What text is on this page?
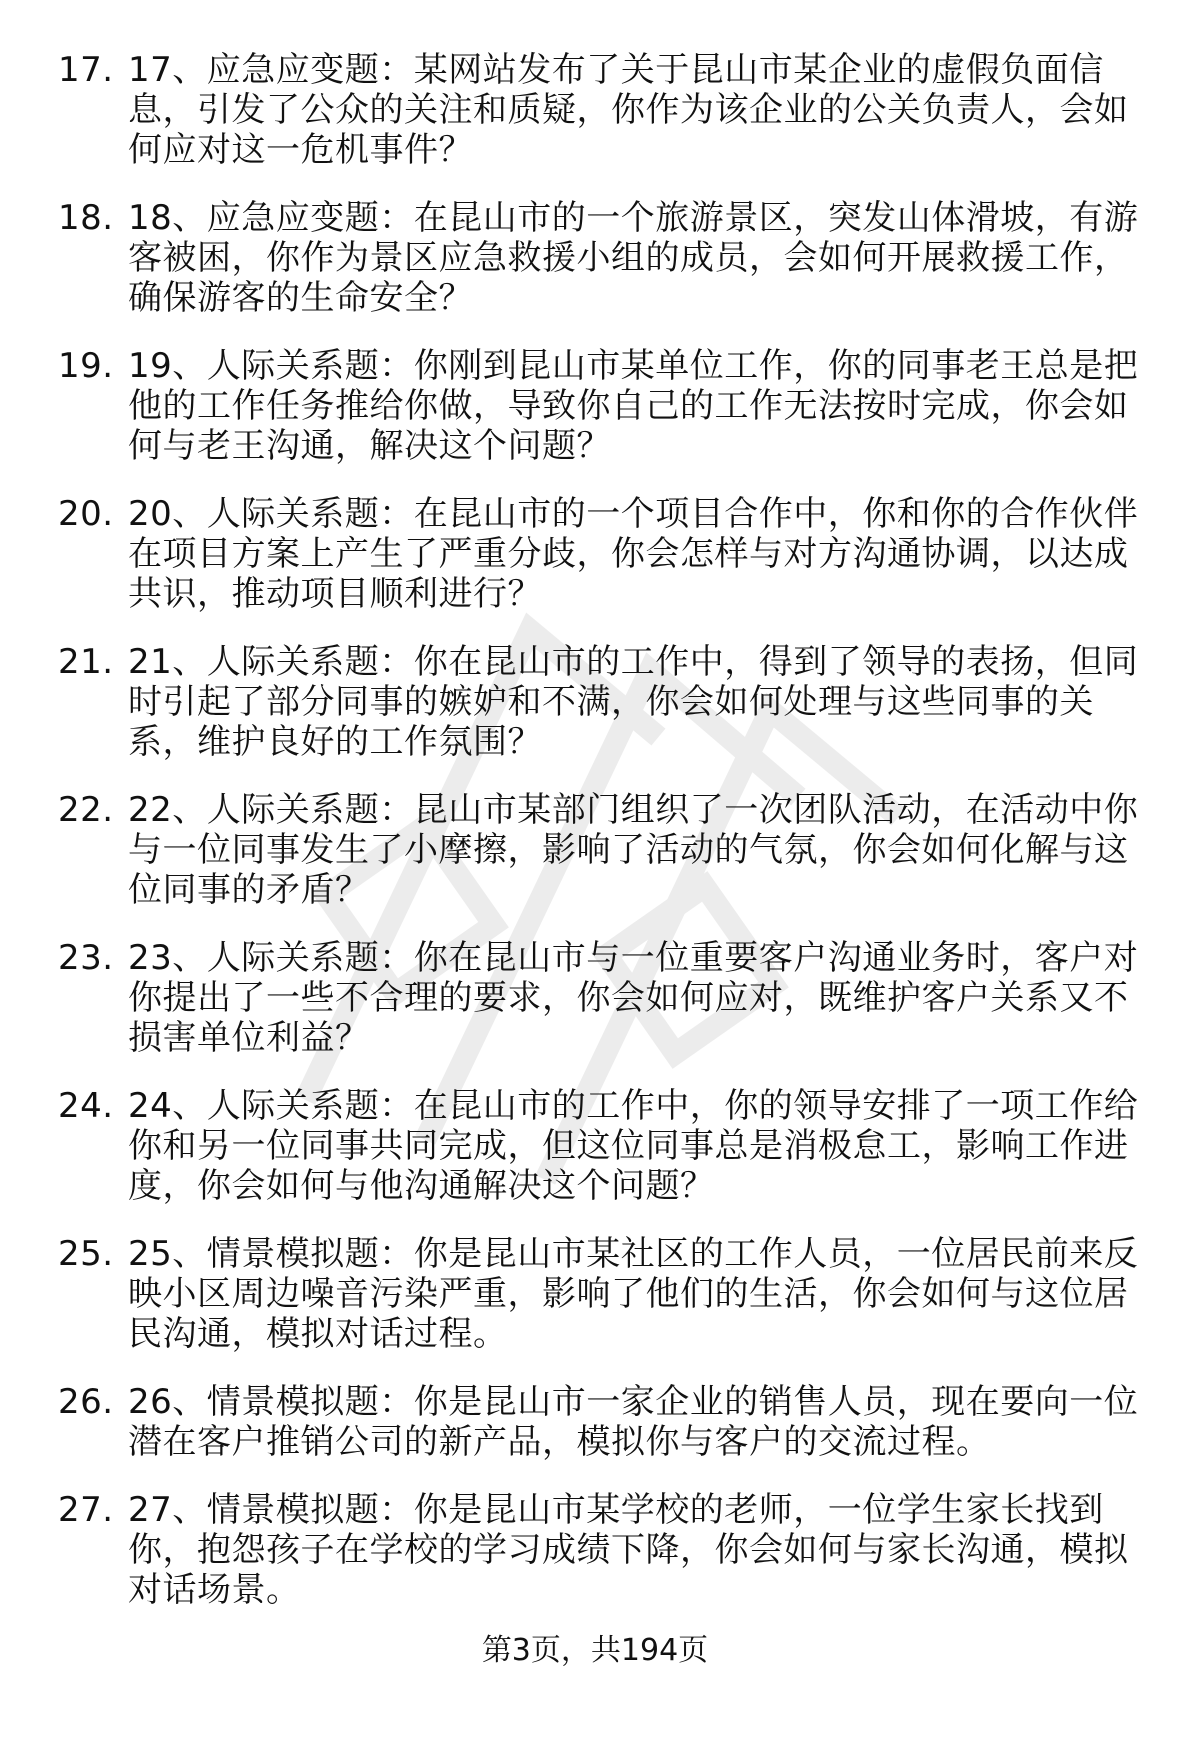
17. 17、应急应变题：某网站发布了关于昆山市某企业的虚假负面信息，引发了公众的关注和质疑，你作为该企业的公关负责人，会如何应对这一危机事件？
18. 18、应急应变题：在昆山市的一个旅游景区，突发山体滑坡，有游客被困，你作为景区应急救援小组的成员，会如何开展救援工作，确保游客的生命安全？
19. 19、人际关系题：你刚到昆山市某单位工作，你的同事老王总是把他的工作任务推给你做，导致你自己的工作无法按时完成，你会如何与老王沟通，解决这个问题？
20. 20、人际关系题：在昆山市的一个项目合作中，你和你的合作伙伴在项目方案上产生了严重分歧，你会怎样与对方沟通协调，以达成共识，推动项目顺利进行？
21. 21、人际关系题：你在昆山市的工作中，得到了领导的表扬，但同时引起了部分同事的嫉妒和不满，你会如何处理与这些同事的关系，维护良好的工作氛围？
22. 22、人际关系题：昆山市某部门组织了一次团队活动，在活动中你与一位同事发生了小摩擦，影响了活动的气氛，你会如何化解与这位同事的矛盾？
23. 23、人际关系题：你在昆山市与一位重要客户沟通业务时，客户对你提出了一些不合理的要求，你会如何应对，既维护客户关系又不损害单位利益？
24. 24、人际关系题：在昆山市的工作中，你的领导安排了一项工作给你和另一位同事共同完成，但这位同事总是消极怠工，影响工作进度，你会如何与他沟通解决这个问题？
25. 25、情景模拟题：你是昆山市某社区的工作人员，一位居民前来反映小区周边噪音污染严重，影响了他们的生活，你会如何与这位居民沟通，模拟对话过程。
26. 26、情景模拟题：你是昆山市一家企业的销售人员，现在要向一位潜在客户推销公司的新产品，模拟你与客户的交流过程。
27. 27、情景模拟题：你是昆山市某学校的老师，一位学生家长找到你，抱怨孩子在学校的学习成绩下降，你会如何与家长沟通，模拟对话场景。
第3页，共194页
